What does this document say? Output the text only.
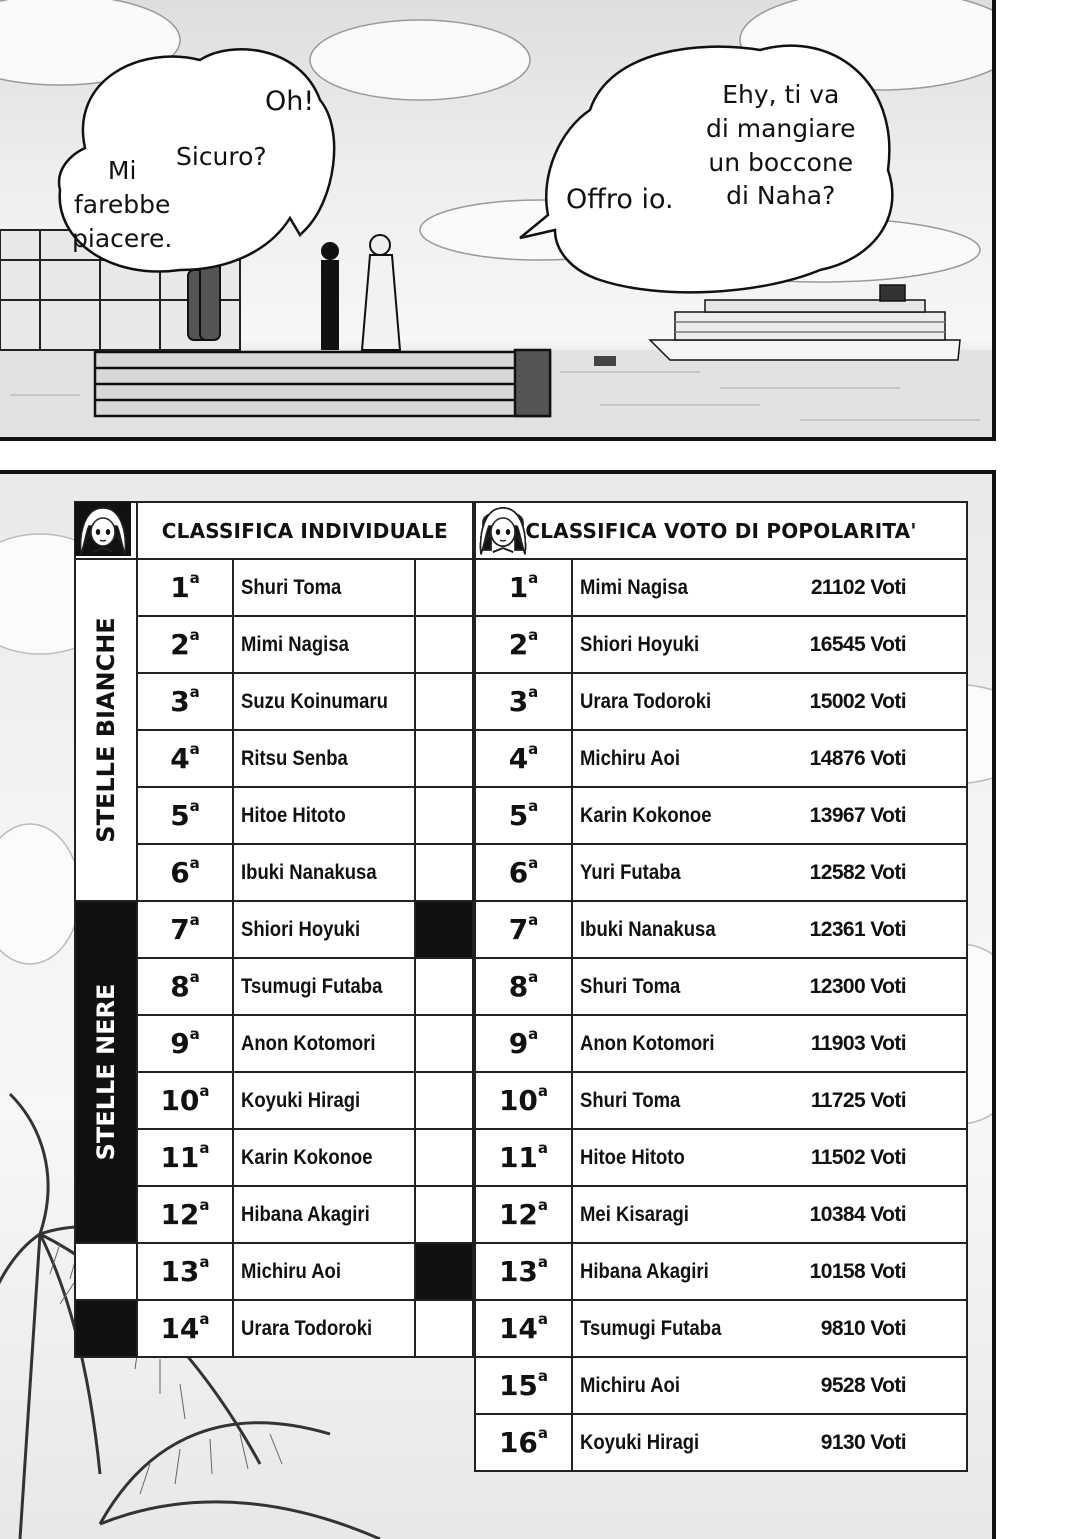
Mi
farebbe
piacere.
Oh!
Sicuro?
Offro io.
Ehy, ti va
di mangiare
un boccone
di Naha?
	CLASSIFICA INDIVIDUALE		

STELLE BIANCHE	1$^a$	Shuri Toma

	2$^a$	Mimi Nagisa

	3$^a$	Suzu Koinumaru

	4$^a$	Ritsu Senba

	5$^a$	Hitoe Hitoto

	6$^a$	Ibuki Nanakusa

STELLE NERE	7$^a$	Shiori Hoyuki

	8$^a$	Tsumugi Futaba

	9$^a$	Anon Kotomori

	10$^a$	Koyuki Hiragi

	11$^a$	Karin Kokonoe

	12$^a$	Hibana Akagiri

	13$^a$	Michiru Aoi

	14$^a$	Urara Todoroki

CLASSIFICA VOTO DI POPOLARITA'			
1$^a$	Mimi Nagisa	21102 Voti	

2$^a$	Shiori Hoyuki	16545 Voti	

3$^a$	Urara Todoroki	15002 Voti	

4$^a$	Michiru Aoi	14876 Voti	

5$^a$	Karin Kokonoe	13967 Voti	

6$^a$	Yuri Futaba	12582 Voti	

7$^a$	Ibuki Nanakusa	12361 Voti	

8$^a$	Shuri Toma	12300 Voti	

9$^a$	Anon Kotomori	11903 Voti	

10$^a$	Shuri Toma	11725 Voti	

11$^a$	Hitoe Hitoto	11502 Voti	

12$^a$	Mei Kisaragi	10384 Voti	

13$^a$	Hibana Akagiri	10158 Voti	

14$^a$	Tsumugi Futaba	9810 Voti	

15$^a$	Michiru Aoi	9528 Voti	

16$^a$	Koyuki Hiragi	9130 Voti	
